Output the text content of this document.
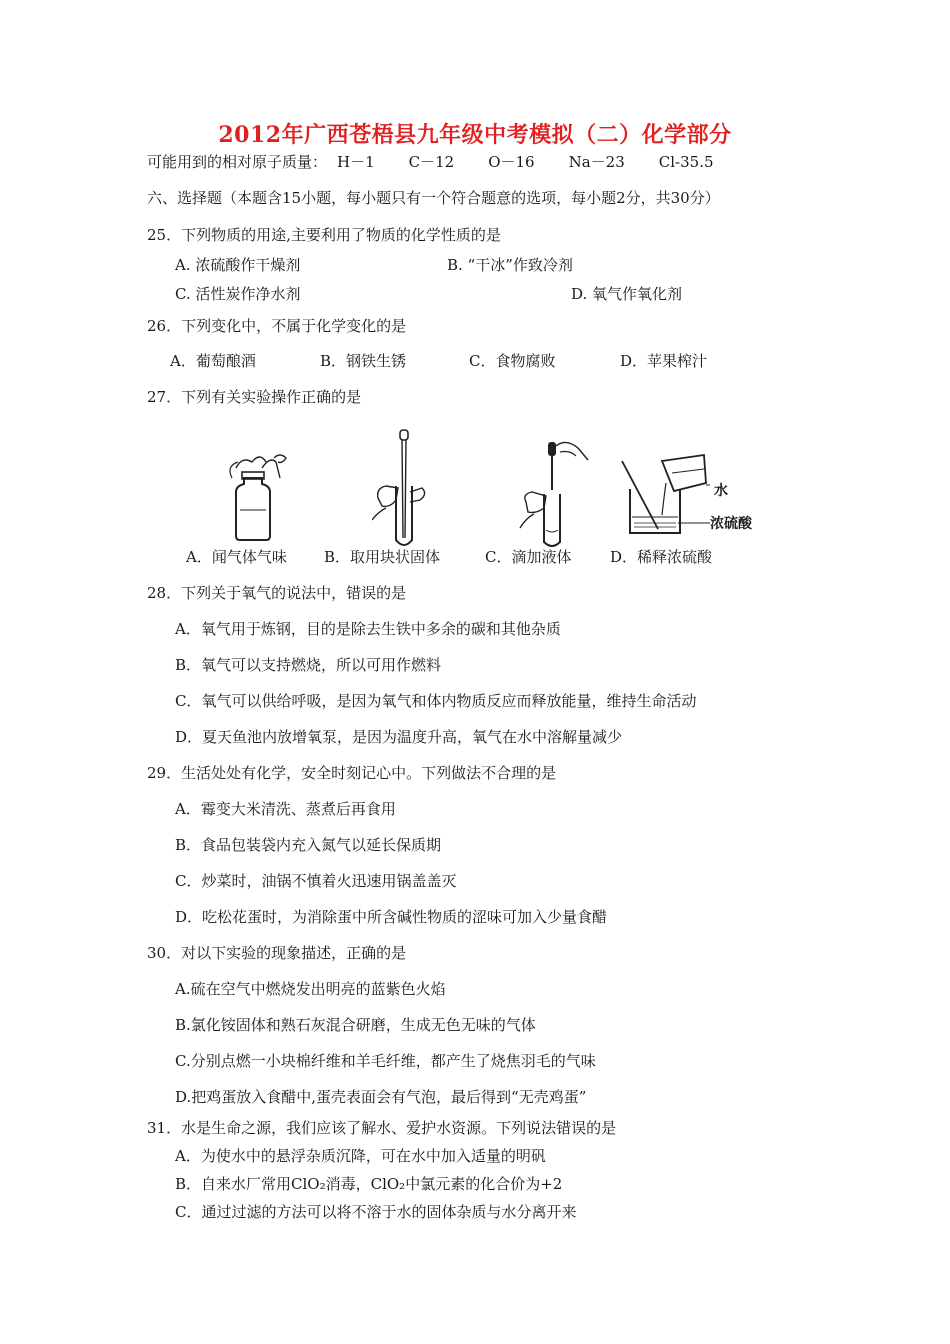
2012年广西苍梧县九年级中考模拟（二）化学部分
可能用到的相对原子质量： H－1 C－12 O－16 Na－23 Cl-35.5
六、选择题（本题含15小题，每小题只有一个符合题意的选项，每小题2分，共30分）
25．下列物质的用途,主要利用了物质的化学性质的是
A. 浓硫酸作干燥剂	B. “干冰”作致冷剂
C. 活性炭作净水剂	D. 氧气作氧化剂
26．下列变化中，不属于化学变化的是
A．葡萄酿酒	B．钢铁生锈	C．食物腐败	D．苹果榨汁
27．下列有关实验操作正确的是
水
浓硫酸
A．闻气体气味 B．取用块状固体	C．滴加液体	D．稀释浓硫酸
28．下列关于氧气的说法中，错误的是
A．氧气用于炼钢，目的是除去生铁中多余的碳和其他杂质
B．氧气可以支持燃烧，所以可用作燃料
C．氧气可以供给呼吸，是因为氧气和体内物质反应而释放能量，维持生命活动
D．夏天鱼池内放增氧泵，是因为温度升高，氧气在水中溶解量减少
29．生活处处有化学，安全时刻记心中。下列做法不合理的是
A．霉变大米清洗、蒸煮后再食用
B．食品包装袋内充入氮气以延长保质期
C．炒菜时，油锅不慎着火迅速用锅盖盖灭
D．吃松花蛋时，为消除蛋中所含碱性物质的涩味可加入少量食醋
30．对以下实验的现象描述，正确的是
A.硫在空气中燃烧发出明亮的蓝紫色火焰
B.氯化铵固体和熟石灰混合研磨，生成无色无味的气体
C.分别点燃一小块棉纤维和羊毛纤维，都产生了烧焦羽毛的气味
D.把鸡蛋放入食醋中,蛋壳表面会有气泡，最后得到“无壳鸡蛋”
31．水是生命之源，我们应该了解水、爱护水资源。下列说法错误的是
A．为使水中的悬浮杂质沉降，可在水中加入适量的明矾
B．自来水厂常用ClO₂消毒，ClO₂中氯元素的化合价为+2
C．通过过滤的方法可以将不溶于水的固体杂质与水分离开来
